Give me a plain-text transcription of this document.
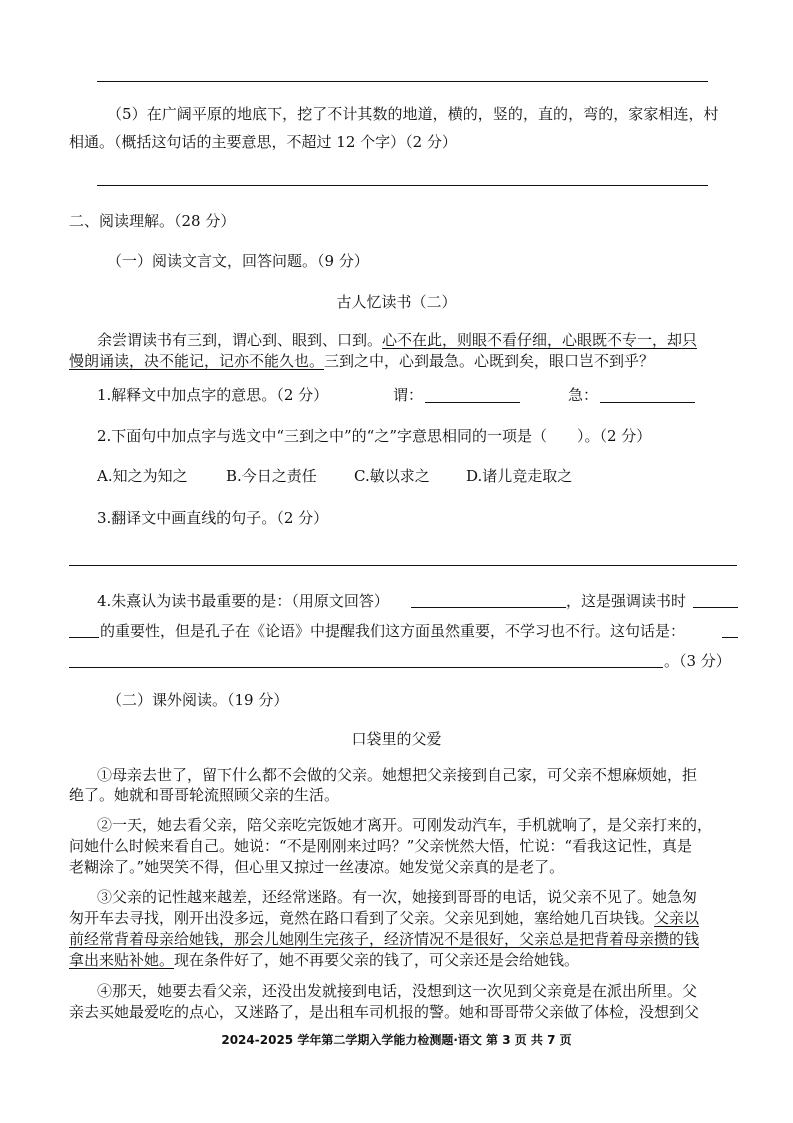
（5）在广阔平原的地底下，挖了不计其数的地道，横的，竖的，直的，弯的，家家相连，村
相通。（概括这句话的主要意思，不超过 12 个字）（2 分）
二、阅读理解。（28 分）
（一）阅读文言文，回答问题。（9 分）
古人忆读书（二）
余尝谓读书有三到，谓心到、眼到、口到。心不在此，则眼不看仔细，心眼既不专一，却只
慢朗诵读，决不能记，记亦不能久也。三到之中，心到最急。心既到矣，眼口岂不到乎？
1.解释文中加点字的意思。（2 分）	谓：	急：
2.下面句中加点字与选文中“三到之中”的“之”字意思相同的一项是（　　）。（2 分）
A.知之为知之	B.今日之责任 C.敏以求之 D.诸儿竞走取之
3.翻译文中画直线的句子。（2 分）
4.朱熹认为读书最重要的是：（用原文回答）	，这是强调读书时
的重要性，但是孔子在《论语》中提醒我们这方面虽然重要，不学习也不行。这句话是：
。（3 分）
（二）课外阅读。（19 分）
口袋里的父爱
①母亲去世了，留下什么都不会做的父亲。她想把父亲接到自己家，可父亲不想麻烦她，拒
绝了。她就和哥哥轮流照顾父亲的生活。
②一天，她去看父亲，陪父亲吃完饭她才离开。可刚发动汽车，手机就响了，是父亲打来的，
问她什么时候来看自己。她说：“不是刚刚来过吗？”父亲恍然大悟，忙说：“看我这记性，真是
老糊涂了。”她哭笑不得，但心里又掠过一丝凄凉。她发觉父亲真的是老了。
③父亲的记性越来越差，还经常迷路。有一次，她接到哥哥的电话，说父亲不见了。她急匆
匆开车去寻找，刚开出没多远，竟然在路口看到了父亲。父亲见到她，塞给她几百块钱。父亲以
前经常背着母亲给她钱，那会儿她刚生完孩子，经济情况不是很好，父亲总是把背着母亲攒的钱
拿出来贴补她。现在条件好了，她不再要父亲的钱了，可父亲还是会给她钱。
④那天，她要去看父亲，还没出发就接到电话，没想到这一次见到父亲竟是在派出所里。父
亲去买她最爱吃的点心，又迷路了，是出租车司机报的警。她和哥哥带父亲做了体检，没想到父
2024-2025 学年第二学期入学能力检测题·语文 第 3 页 共 7 页
